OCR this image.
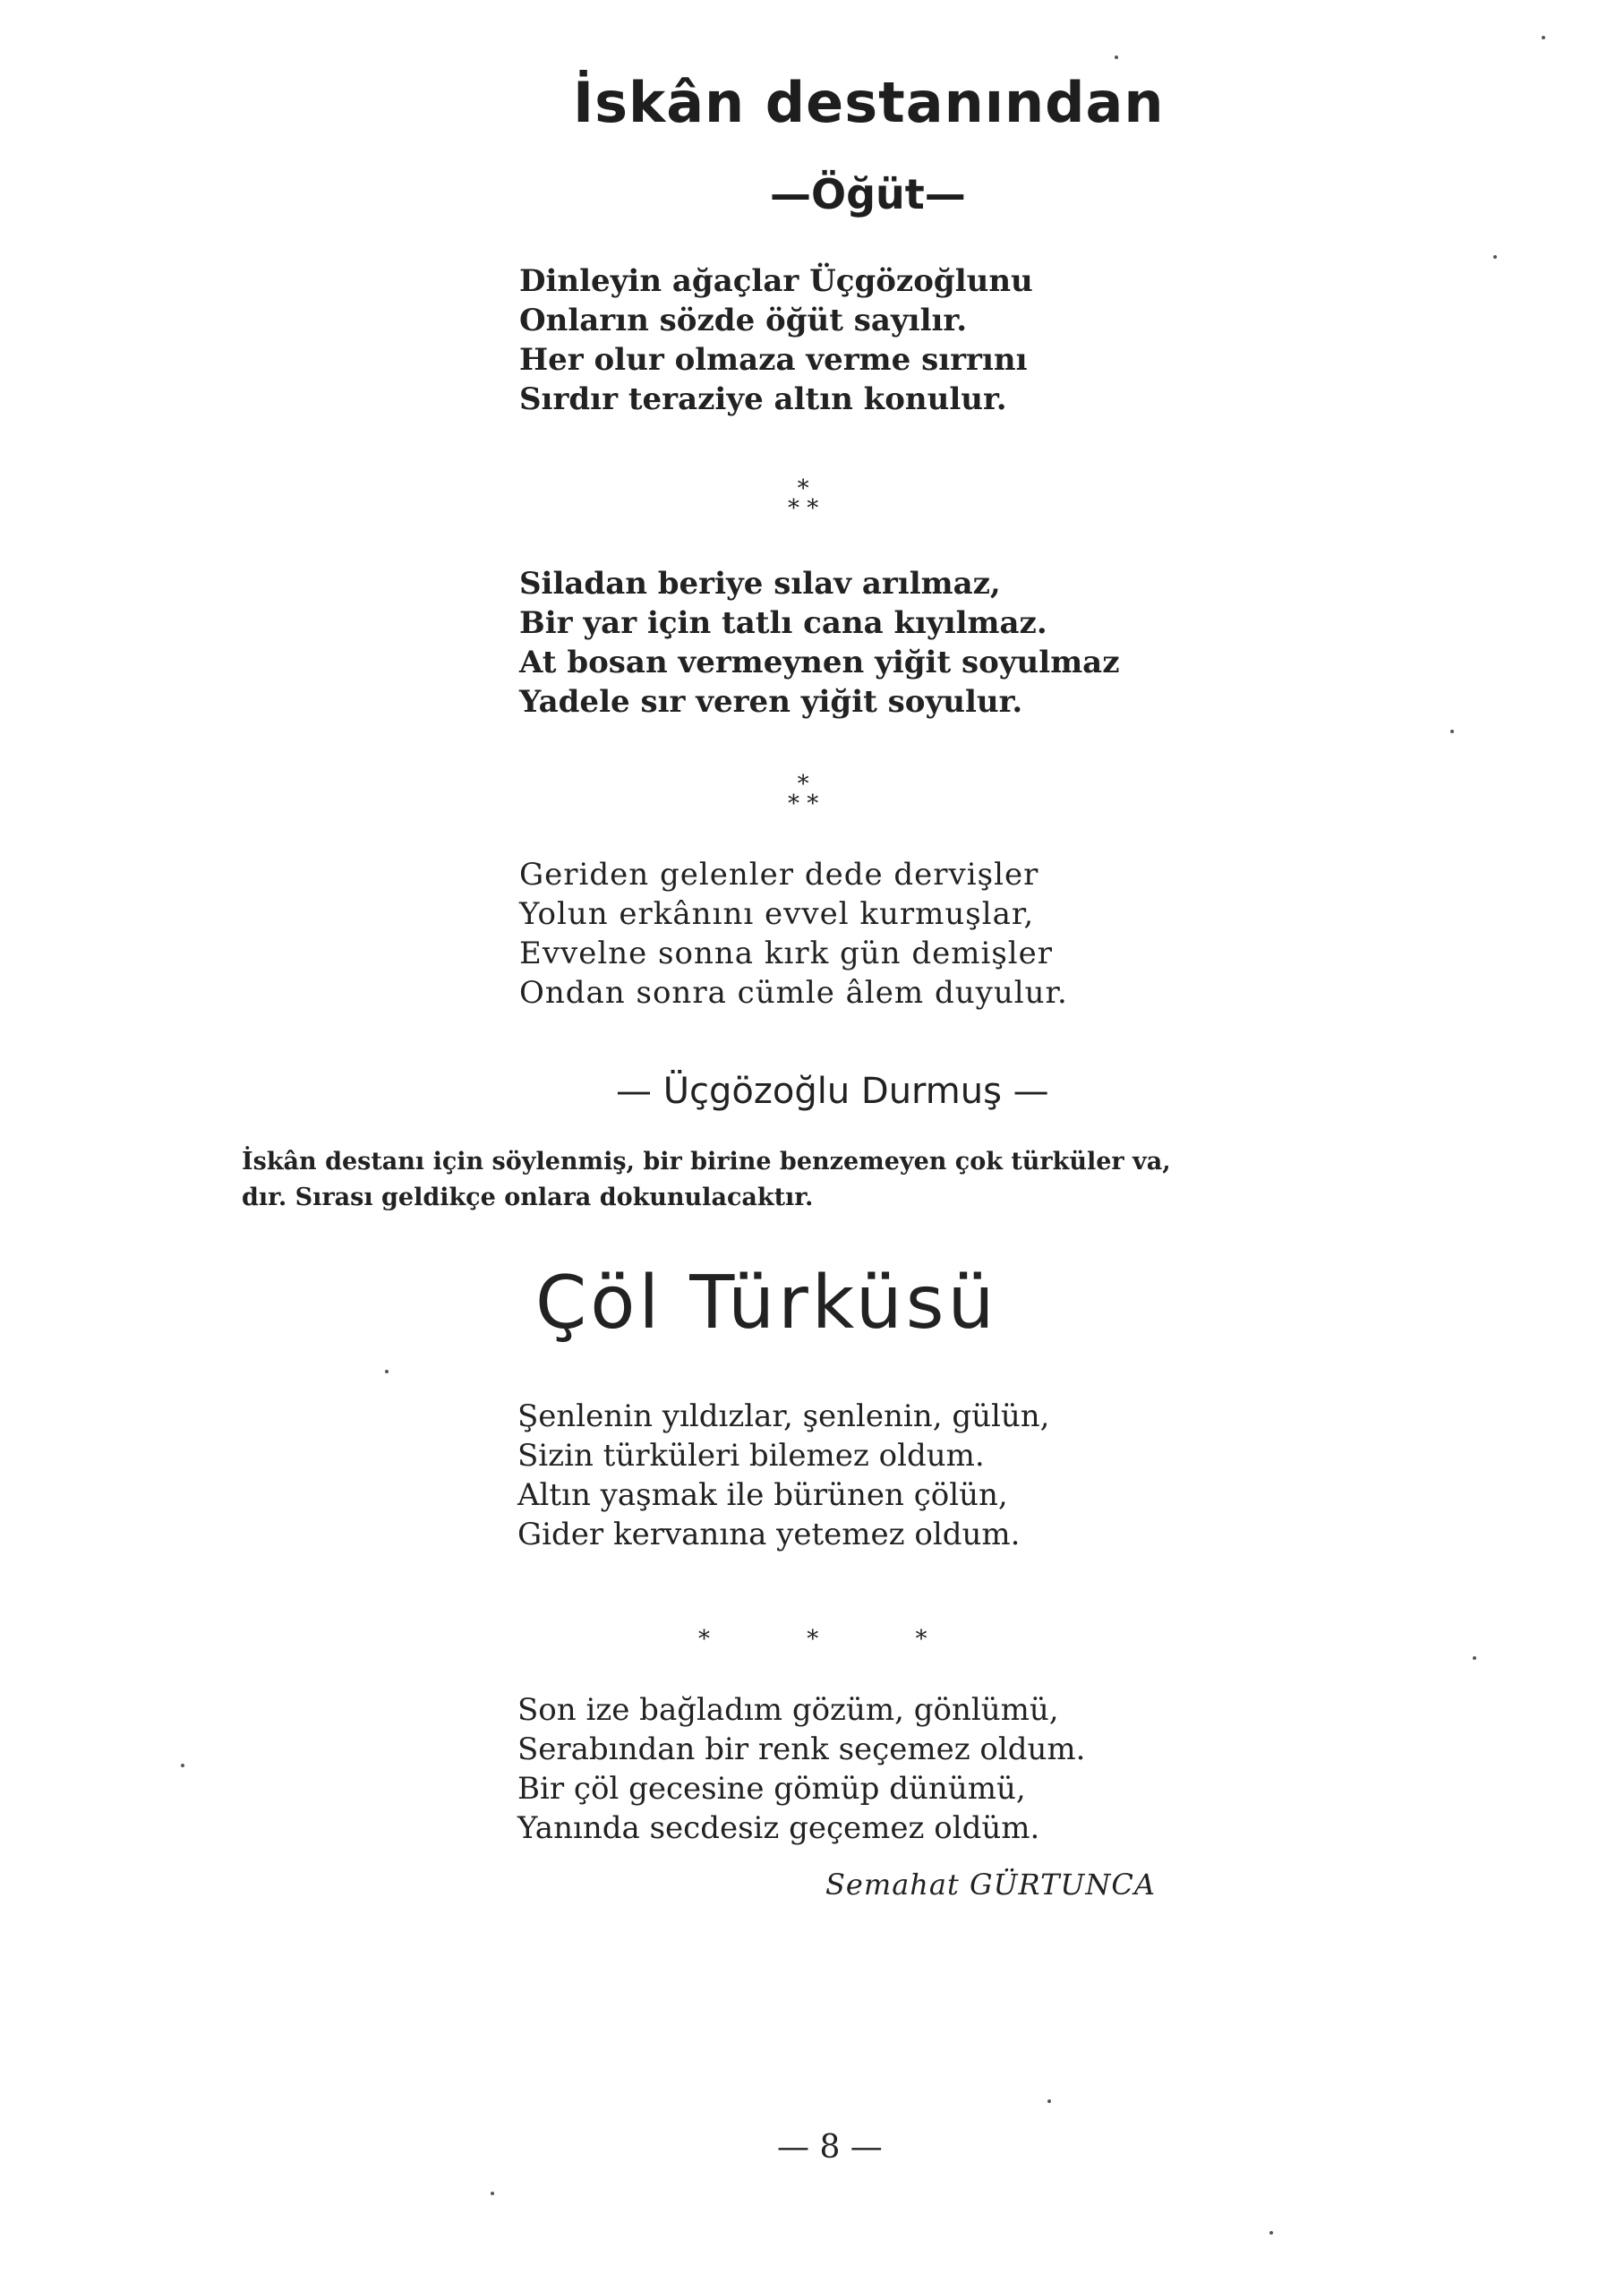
İskân destanından
—Öğüt—

Dinleyin ağaçlar Üçgözoğlunu

Onların sözde öğüt sayılır.

Her olur olmaza verme sırrını

Sırdır teraziye altın konulur.

*
* *

Siladan beriye sılav arılmaz,

Bir yar için tatlı cana kıyılmaz.

At bosan vermeynen yiğit soyulmaz

Yadele sır veren yiğit soyulur.

*
* *

Geriden gelenler dede dervişler

Yolun erkânını evvel kurmuşlar,

Evvelne sonna kırk gün demişler

Ondan sonra cümle âlem duyulur.

— Üçgözoğlu Durmuş —

İskân destanı için söylenmiş, bir birine benzemeyen çok türküler va,

dır. Sırası geldikçe onlara dokunulacaktır.

Çöl Türküsü

Şenlenin yıldızlar, şenlenin, gülün,

Sizin türküleri bilemez oldum.

Altın yaşmak ile bürünen çölün,

Gider kervanına yetemez oldum.

* * *

Son ize bağladım gözüm, gönlümü,

Serabından bir renk seçemez oldum.

Bir çöl gecesine gömüp dünümü,

Yanında secdesiz geçemez oldüm.

Semahat GÜRTUNCA
— 8 —
